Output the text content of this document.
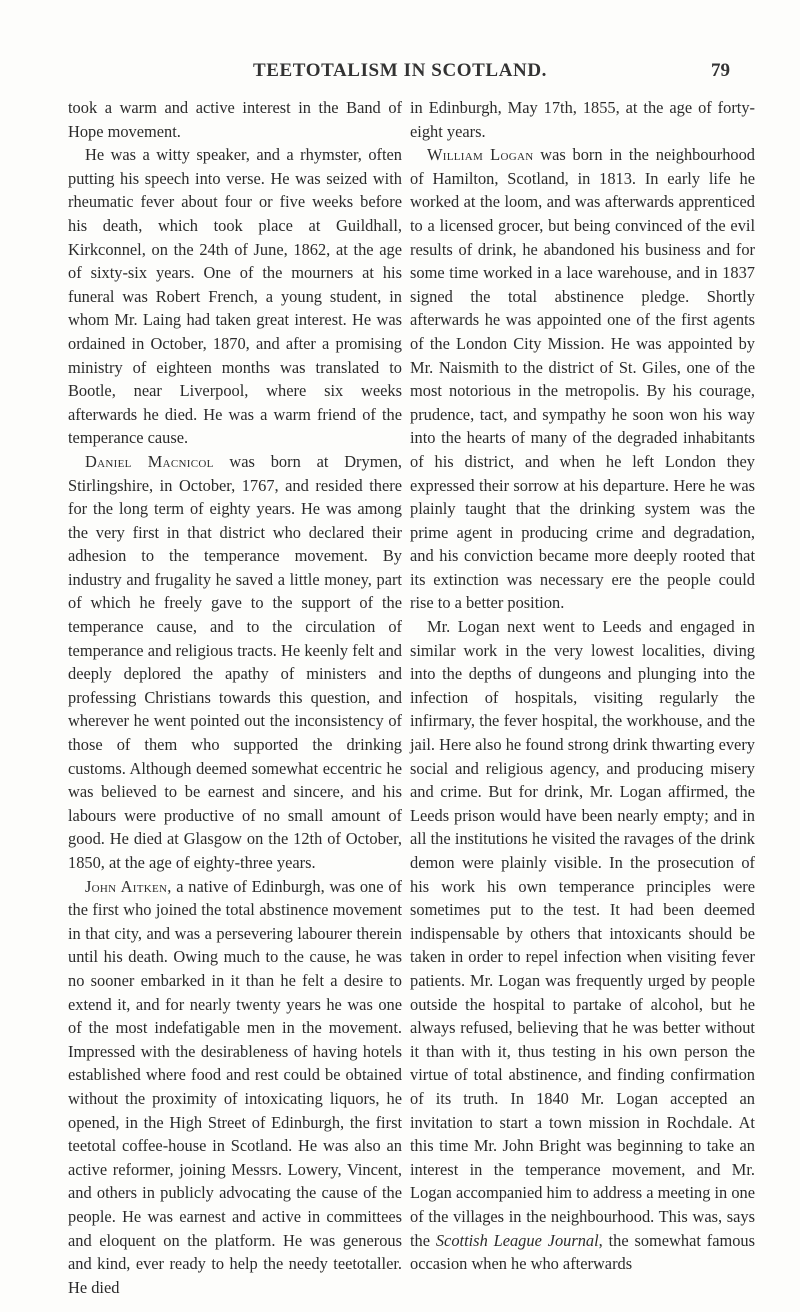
TEETOTALISM IN SCOTLAND.	79

took a warm and active interest in the Band of Hope movement.

He was a witty speaker, and a rhymster, often putting his speech into verse. He was seized with rheumatic fever about four or five weeks before his death, which took place at Guildhall, Kirkconnel, on the 24th of June, 1862, at the age of sixty-six years. One of the mourners at his funeral was Robert French, a young student, in whom Mr. Laing had taken great interest. He was ordained in October, 1870, and after a promising ministry of eighteen months was translated to Bootle, near Liverpool, where six weeks afterwards he died. He was a warm friend of the temperance cause.

Daniel Macnicol was born at Drymen, Stirlingshire, in October, 1767, and resided there for the long term of eighty years. He was among the very first in that district who declared their adhesion to the temperance movement. By industry and frugality he saved a little money, part of which he freely gave to the support of the temperance cause, and to the circulation of temperance and religious tracts. He keenly felt and deeply deplored the apathy of ministers and professing Christians towards this question, and wherever he went pointed out the inconsistency of those of them who supported the drinking customs. Although deemed somewhat eccentric he was believed to be earnest and sincere, and his labours were productive of no small amount of good. He died at Glasgow on the 12th of October, 1850, at the age of eighty-three years.

John Aitken, a native of Edinburgh, was one of the first who joined the total abstinence movement in that city, and was a persevering labourer therein until his death. Owing much to the cause, he was no sooner embarked in it than he felt a desire to extend it, and for nearly twenty years he was one of the most indefatigable men in the movement. Impressed with the desirableness of having hotels established where food and rest could be obtained without the proximity of intoxicating liquors, he opened, in the High Street of Edinburgh, the first teetotal coffee-house in Scotland. He was also an active reformer, joining Messrs. Lowery, Vincent, and others in publicly advocating the cause of the people. He was earnest and active in committees and eloquent on the platform. He was generous and kind, ever ready to help the needy teetotaller. He died

in Edinburgh, May 17th, 1855, at the age of forty-eight years.

William Logan was born in the neighbourhood of Hamilton, Scotland, in 1813. In early life he worked at the loom, and was afterwards apprenticed to a licensed grocer, but being convinced of the evil results of drink, he abandoned his business and for some time worked in a lace warehouse, and in 1837 signed the total abstinence pledge. Shortly afterwards he was appointed one of the first agents of the London City Mission. He was appointed by Mr. Naismith to the district of St. Giles, one of the most notorious in the metropolis. By his courage, prudence, tact, and sympathy he soon won his way into the hearts of many of the degraded inhabitants of his district, and when he left London they expressed their sorrow at his departure. Here he was plainly taught that the drinking system was the prime agent in producing crime and degradation, and his conviction became more deeply rooted that its extinction was necessary ere the people could rise to a better position.

Mr. Logan next went to Leeds and engaged in similar work in the very lowest localities, diving into the depths of dungeons and plunging into the infection of hospitals, visiting regularly the infirmary, the fever hospital, the workhouse, and the jail. Here also he found strong drink thwarting every social and religious agency, and producing misery and crime. But for drink, Mr. Logan affirmed, the Leeds prison would have been nearly empty; and in all the institutions he visited the ravages of the drink demon were plainly visible. In the prosecution of his work his own temperance principles were sometimes put to the test. It had been deemed indispensable by others that intoxicants should be taken in order to repel infection when visiting fever patients. Mr. Logan was frequently urged by people outside the hospital to partake of alcohol, but he always refused, believing that he was better without it than with it, thus testing in his own person the virtue of total abstinence, and finding confirmation of its truth. In 1840 Mr. Logan accepted an invitation to start a town mission in Rochdale. At this time Mr. John Bright was beginning to take an interest in the temperance movement, and Mr. Logan accompanied him to address a meeting in one of the villages in the neighbourhood. This was, says the Scottish League Journal, the somewhat famous occasion when he who afterwards
